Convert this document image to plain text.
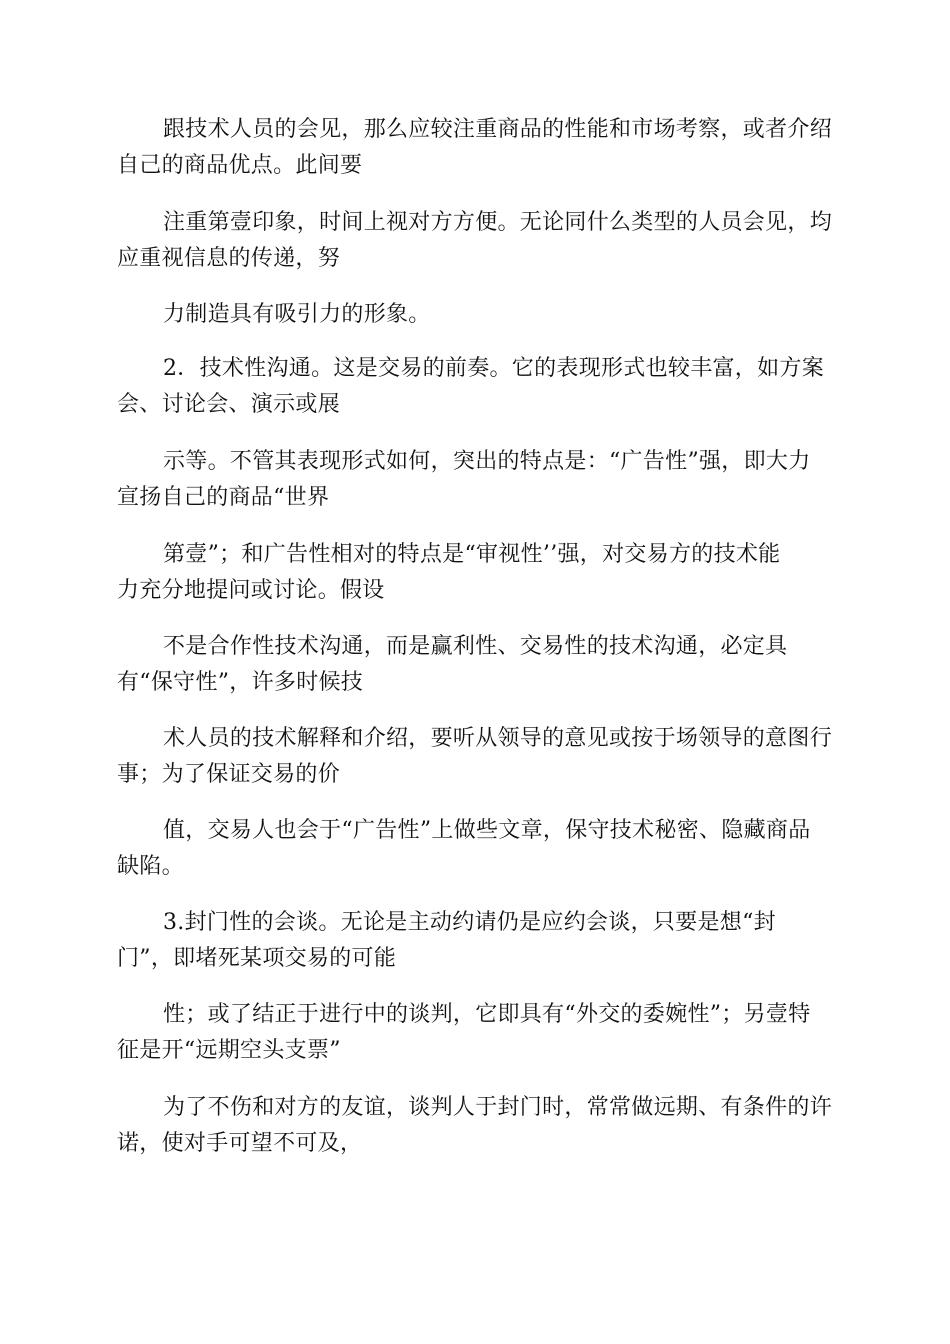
跟技术人员的会见，那么应较注重商品的性能和市场考察，或者介绍
自己的商品优点。此间要

注重第壹印象，时间上视对方方便。无论同什么类型的人员会见，均
应重视信息的传递，努

力制造具有吸引力的形象。

2．技术性沟通。这是交易的前奏。它的表现形式也较丰富，如方案
会、讨论会、演示或展

示等。不管其表现形式如何，突出的特点是：“广告性”强，即大力
宣扬自己的商品“世界

第壹”；和广告性相对的特点是“审视性’’强，对交易方的技术能
力充分地提问或讨论。假设

不是合作性技术沟通，而是赢利性、交易性的技术沟通，必定具
有“保守性”，许多时候技

术人员的技术解释和介绍，要听从领导的意见或按于场领导的意图行
事；为了保证交易的价

值，交易人也会于“广告性”上做些文章，保守技术秘密、隐藏商品
缺陷。

3.封门性的会谈。无论是主动约请仍是应约会谈，只要是想“封
门”，即堵死某项交易的可能

性；或了结正于进行中的谈判，它即具有“外交的委婉性”；另壹特
征是开“远期空头支票”

为了不伤和对方的友谊，谈判人于封门时，常常做远期、有条件的许
诺，使对手可望不可及，
